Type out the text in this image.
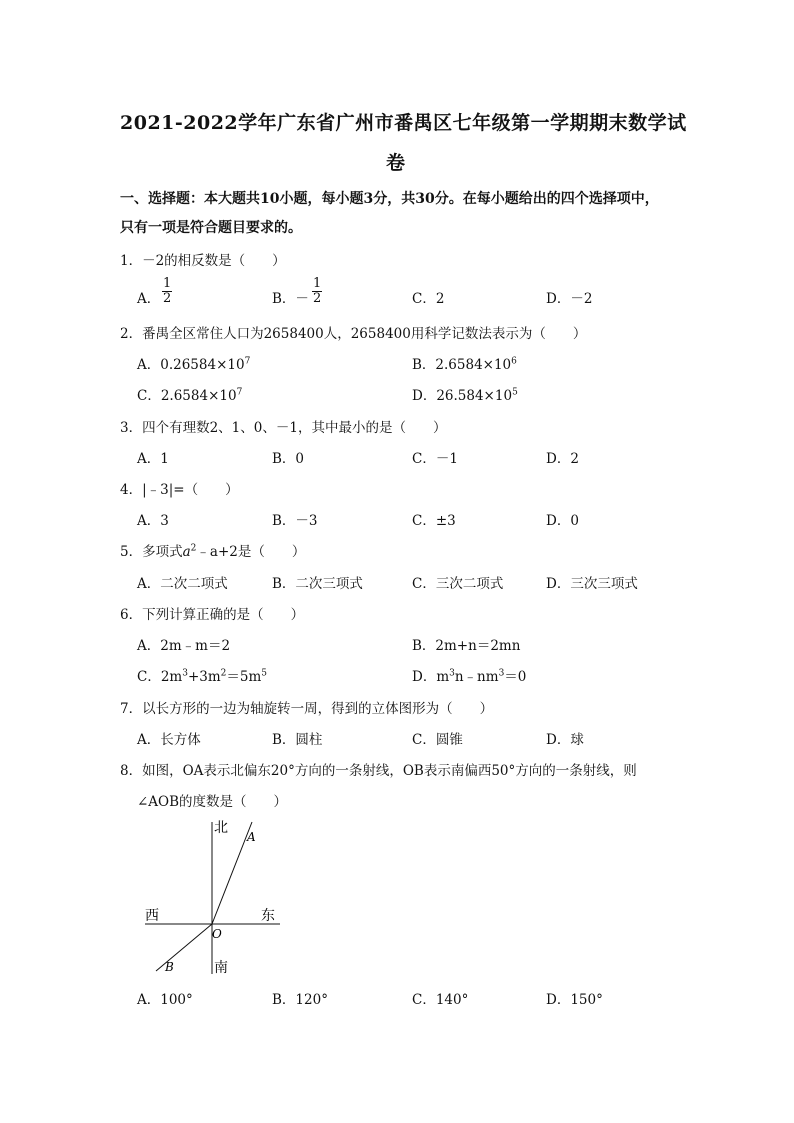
2021-2022学年广东省广州市番禺区七年级第一学期期末数学试
卷
一、选择题：本大题共10小题，每小题3分，共30分。在每小题给出的四个选择项中，
只有一项是符合题目要求的。
1．－2的相反数是（　　）
A． $\frac{1}{2}$	B．－ $\frac{1}{2}$	C．2	D．－2
2．番禺全区常住人口为2658400人，2658400用科学记数法表示为（　　）
A．$0.26584\times 10^7$	B．$2.6584\times 10^6$
C．$2.6584\times 10^7$	D．$26.584\times 10^5$
3．四个有理数2、1、0、－1，其中最小的是（　　）
A．1	B．0	C．－1	D．2
4．|﹣3|=（　　）
A．3	B．－3	C．±3	D．0
5．多项式$a^2﹣a+2$是（　　）
A．二次二项式	B．二次三项式	C．三次二项式	D．三次三项式
6．下列计算正确的是（　　）
A．2m﹣m＝2	B．2m+n＝2mn
C．$2m^3+3m^2=5m^5$	D．$m^3n﹣nm^3=0$
7．以长方形的一边为轴旋转一周，得到的立体图形为（　　）
A．长方体	B．圆柱	C．圆锥	D．球
8．如图，OA表示北偏东20°方向的一条射线，OB表示南偏西50°方向的一条射线，则
∠AOB的度数是（　　）
北
A
西	东
O
B	南
A．100°	B．120°	C．140°	D．150°
